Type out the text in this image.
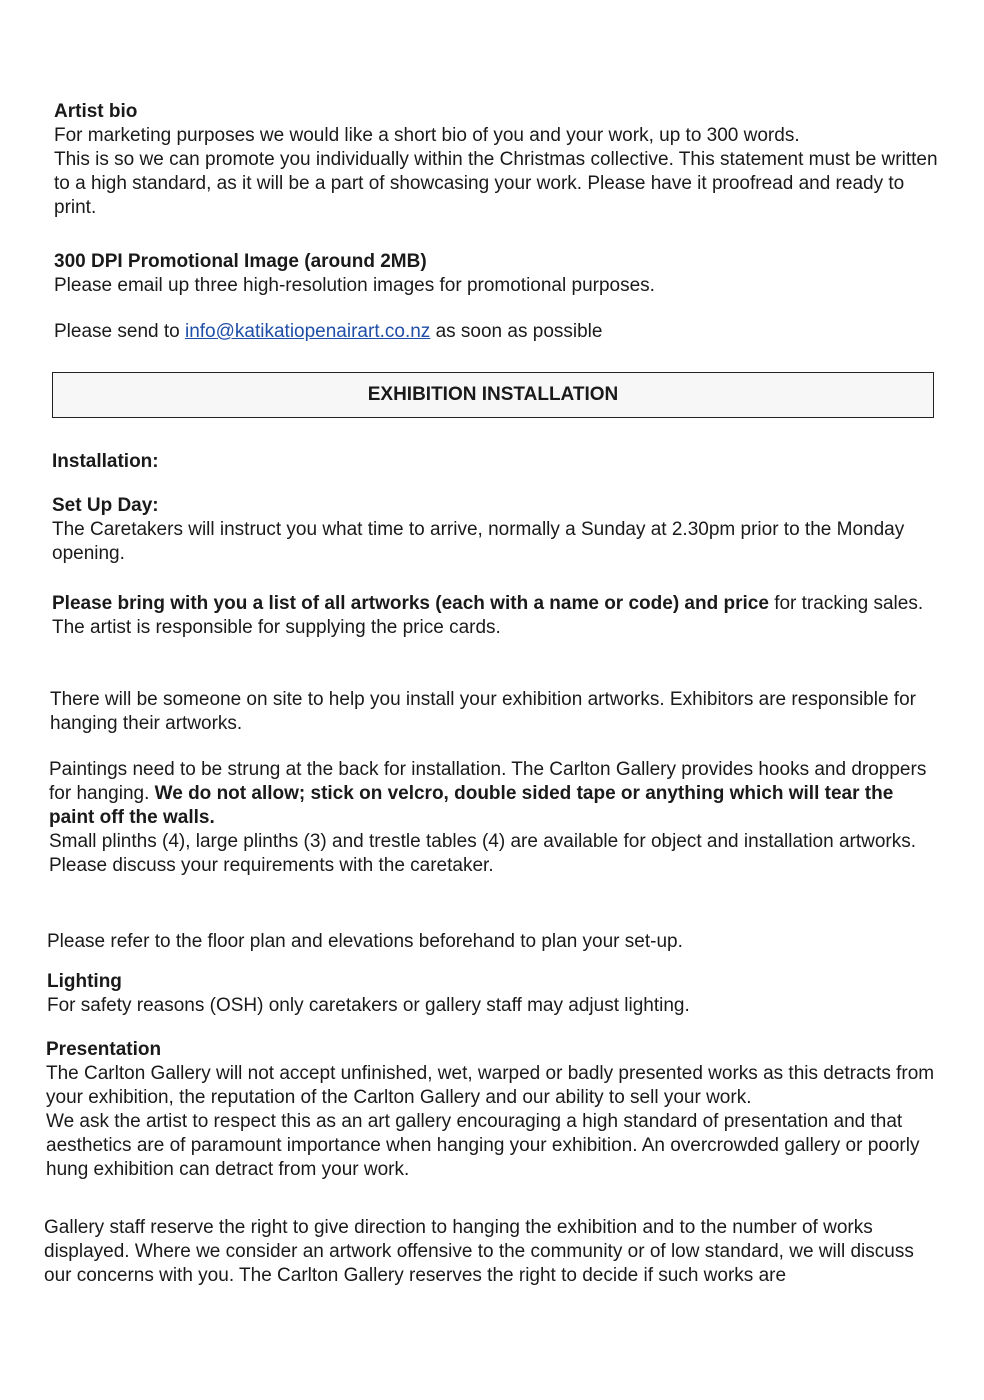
Artist bio

For marketing purposes we would like a short bio of you and your work, up to 300 words.

This is so we can promote you individually within the Christmas collective. This statement must be written to a high standard, as it will be a part of showcasing your work. Please have it proofread and ready to print.

300 DPI Promotional Image (around 2MB)

Please email up three high-resolution images for promotional purposes.

Please send to info@katikatiopenairart.co.nz as soon as possible

EXHIBITION INSTALLATION
Installation:
Set Up Day:

The Caretakers will instruct you what time to arrive, normally a Sunday at 2.30pm prior to the Monday opening.

Please bring with you a list of all artworks (each with a name or code) and price for tracking sales.

The artist is responsible for supplying the price cards.

There will be someone on site to help you install your exhibition artworks. Exhibitors are responsible for hanging their artworks.

Paintings need to be strung at the back for installation. The Carlton Gallery provides hooks and droppers for hanging. We do not allow; stick on velcro, double sided tape or anything which will tear the paint off the walls.

Small plinths (4), large plinths (3) and trestle tables (4) are available for object and installation artworks.

Please discuss your requirements with the caretaker.

Please refer to the floor plan and elevations beforehand to plan your set-up.

Lighting

For safety reasons (OSH) only caretakers or gallery staff may adjust lighting.

Presentation

The Carlton Gallery will not accept unfinished, wet, warped or badly presented works as this detracts from your exhibition, the reputation of the Carlton Gallery and our ability to sell your work.

We ask the artist to respect this as an art gallery encouraging a high standard of presentation and that aesthetics are of paramount importance when hanging your exhibition. An overcrowded gallery or poorly hung exhibition can detract from your work.

Gallery staff reserve the right to give direction to hanging the exhibition and to the number of works displayed. Where we consider an artwork offensive to the community or of low standard, we will discuss our concerns with you. The Carlton Gallery reserves the right to decide if such works are
